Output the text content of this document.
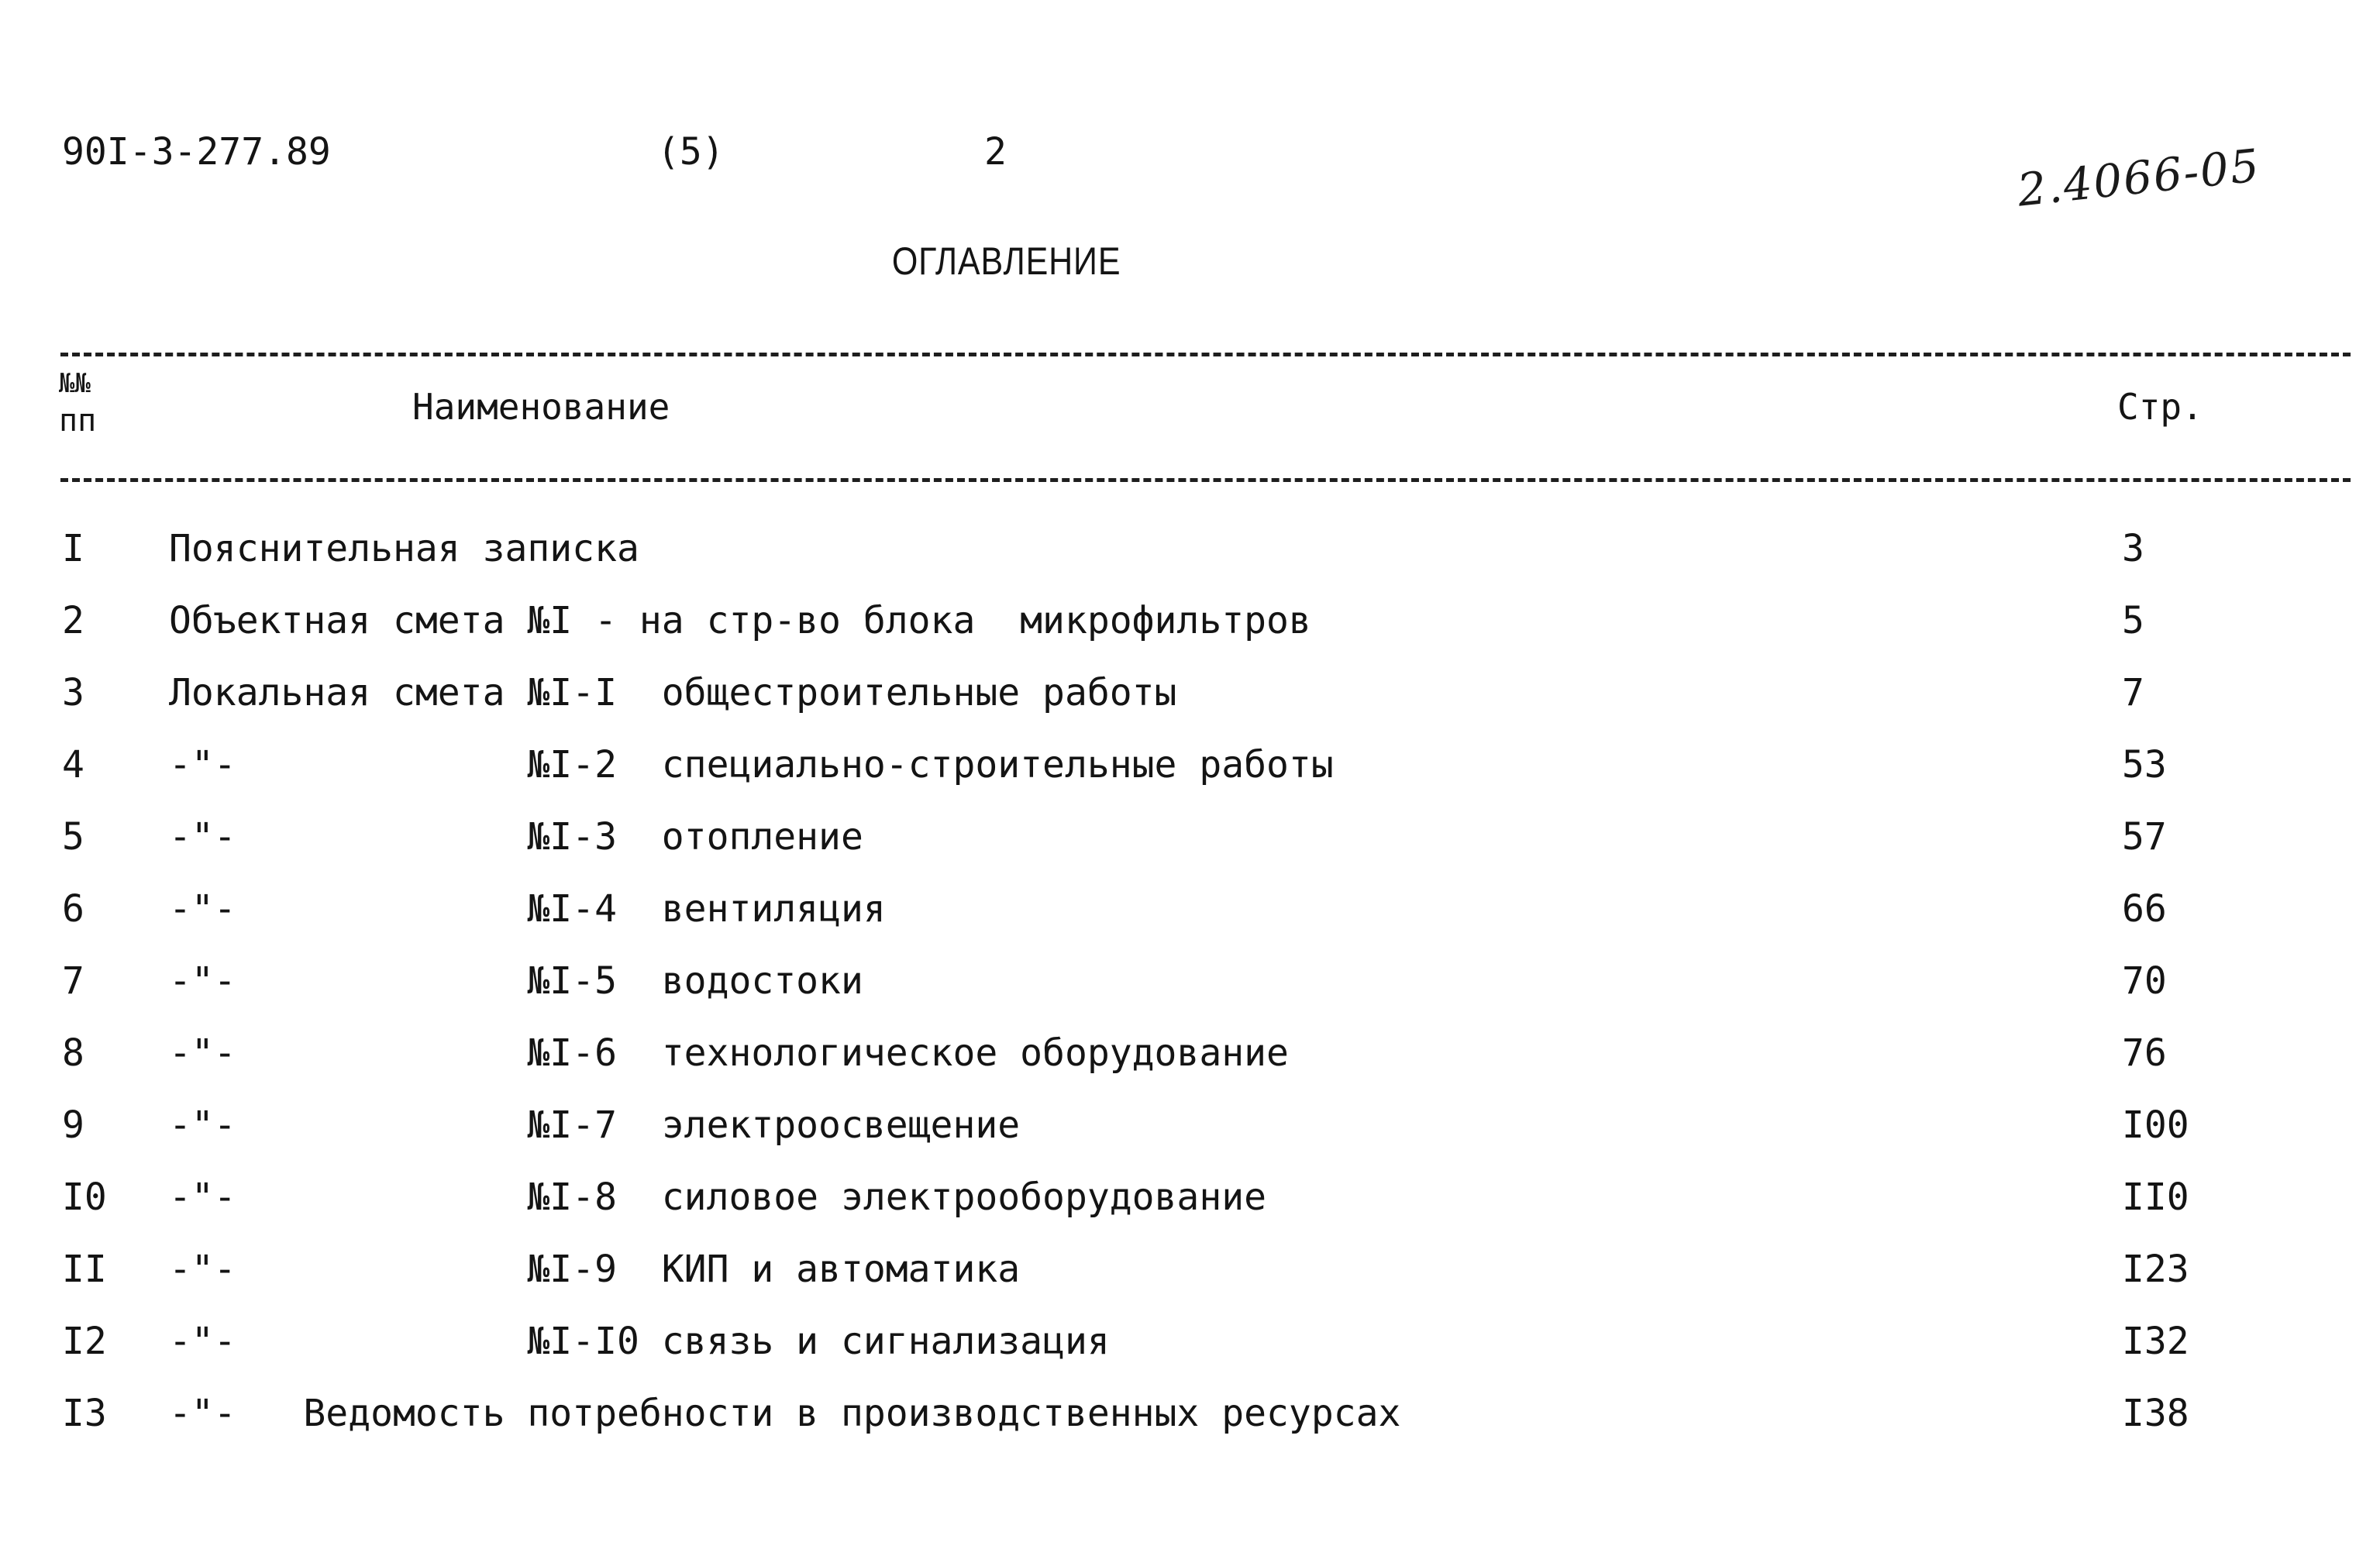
90I-3-277.89	(5)	2	2.4066-05
ОГЛАВЛЕНИЕ
№№
пп	Наименование	Стр.
I Пояснительная записка	3
2 Объектная смета №I - на стр-во блока  микрофильтров	5
3 Локальная смета №I-I  общестроительные работы	7
4 -"-             №I-2  специально-строительные работы	53
5 -"-             №I-3  отопление	57
6 -"-             №I-4  вентиляция	66
7 -"-             №I-5  водостоки	70
8 -"-             №I-6  технологическое оборудование	76
9 -"-             №I-7  электроосвещение	I00
I0 -"-             №I-8  силовое электрооборудование	II0
II -"-             №I-9  КИП и автоматика	I23
I2 -"-             №I-I0 связь и сигнализация	I32
I3 -"-   Ведомость потребности в производственных ресурсах	I38
